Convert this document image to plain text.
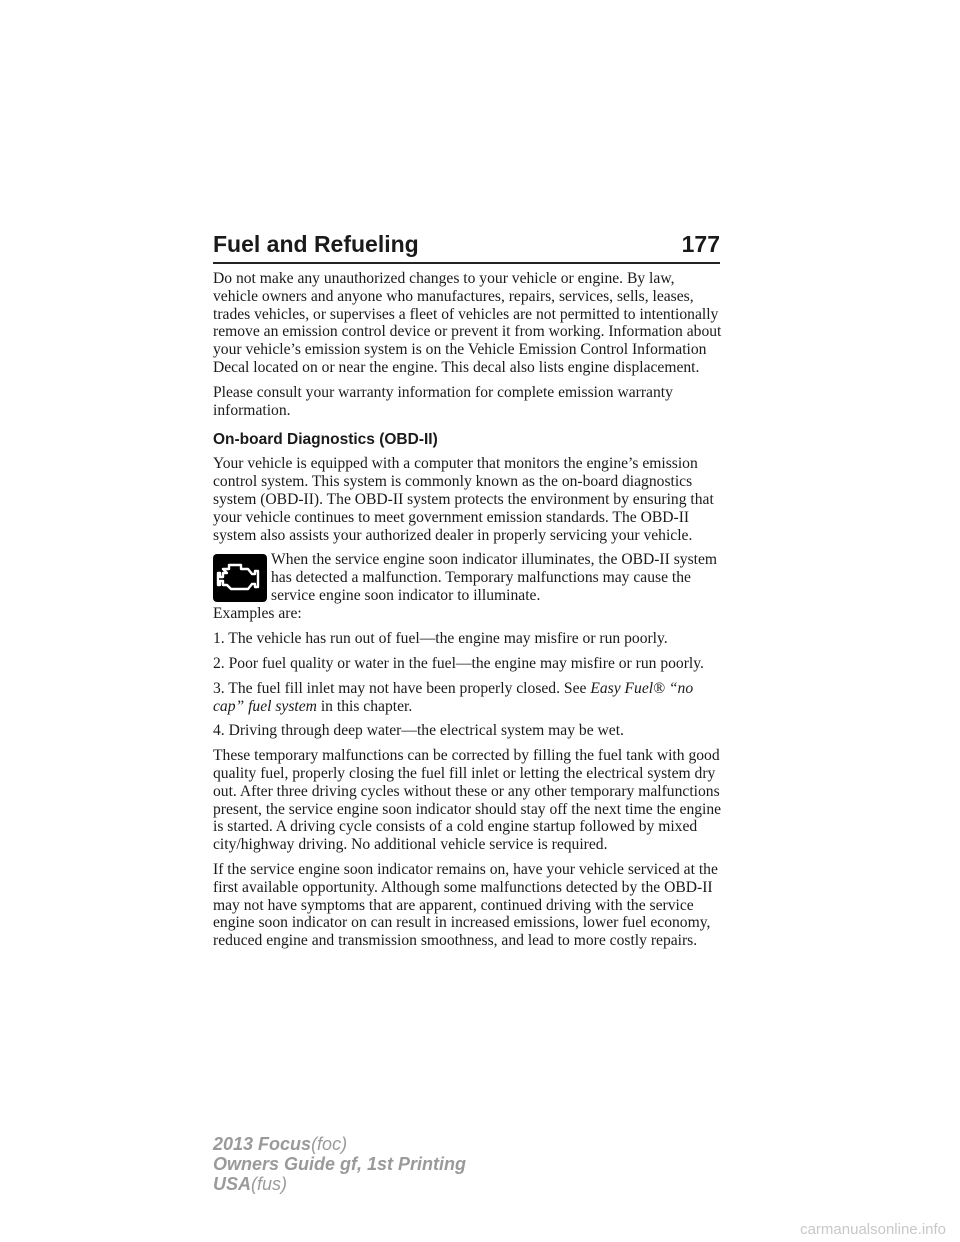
Fuel and Refueling	177

Do not make any unauthorized changes to your vehicle or engine. By law, vehicle owners and anyone who manufactures, repairs, services, sells, leases, trades vehicles, or supervises a fleet of vehicles are not permitted to intentionally remove an emission control device or prevent it from working. Information about your vehicle’s emission system is on the Vehicle Emission Control Information Decal located on or near the engine. This decal also lists engine displacement.

Please consult your warranty information for complete emission warranty information.

On-board Diagnostics (OBD-II)

Your vehicle is equipped with a computer that monitors the engine’s emission control system. This system is commonly known as the on-board diagnostics system (OBD-II). The OBD-II system protects the environment by ensuring that your vehicle continues to meet government emission standards. The OBD-II system also assists your authorized dealer in properly servicing your vehicle.

When the service engine soon indicator illuminates, the OBD-II system has detected a malfunction. Temporary malfunctions may cause the service engine soon indicator to illuminate.

Examples are:

1. The vehicle has run out of fuel—the engine may misfire or run poorly.

2. Poor fuel quality or water in the fuel—the engine may misfire or run poorly.

3. The fuel fill inlet may not have been properly closed. See Easy Fuel® “no cap” fuel system in this chapter.

4. Driving through deep water—the electrical system may be wet.

These temporary malfunctions can be corrected by filling the fuel tank with good quality fuel, properly closing the fuel fill inlet or letting the electrical system dry out. After three driving cycles without these or any other temporary malfunctions present, the service engine soon indicator should stay off the next time the engine is started. A driving cycle consists of a cold engine startup followed by mixed city/highway driving. No additional vehicle service is required.

If the service engine soon indicator remains on, have your vehicle serviced at the first available opportunity. Although some malfunctions detected by the OBD-II may not have symptoms that are apparent, continued driving with the service engine soon indicator on can result in increased emissions, lower fuel economy, reduced engine and transmission smoothness, and lead to more costly repairs.

2013 Focus(foc)
Owners Guide gf, 1st Printing
USA(fus)
carmanualsonline.info
